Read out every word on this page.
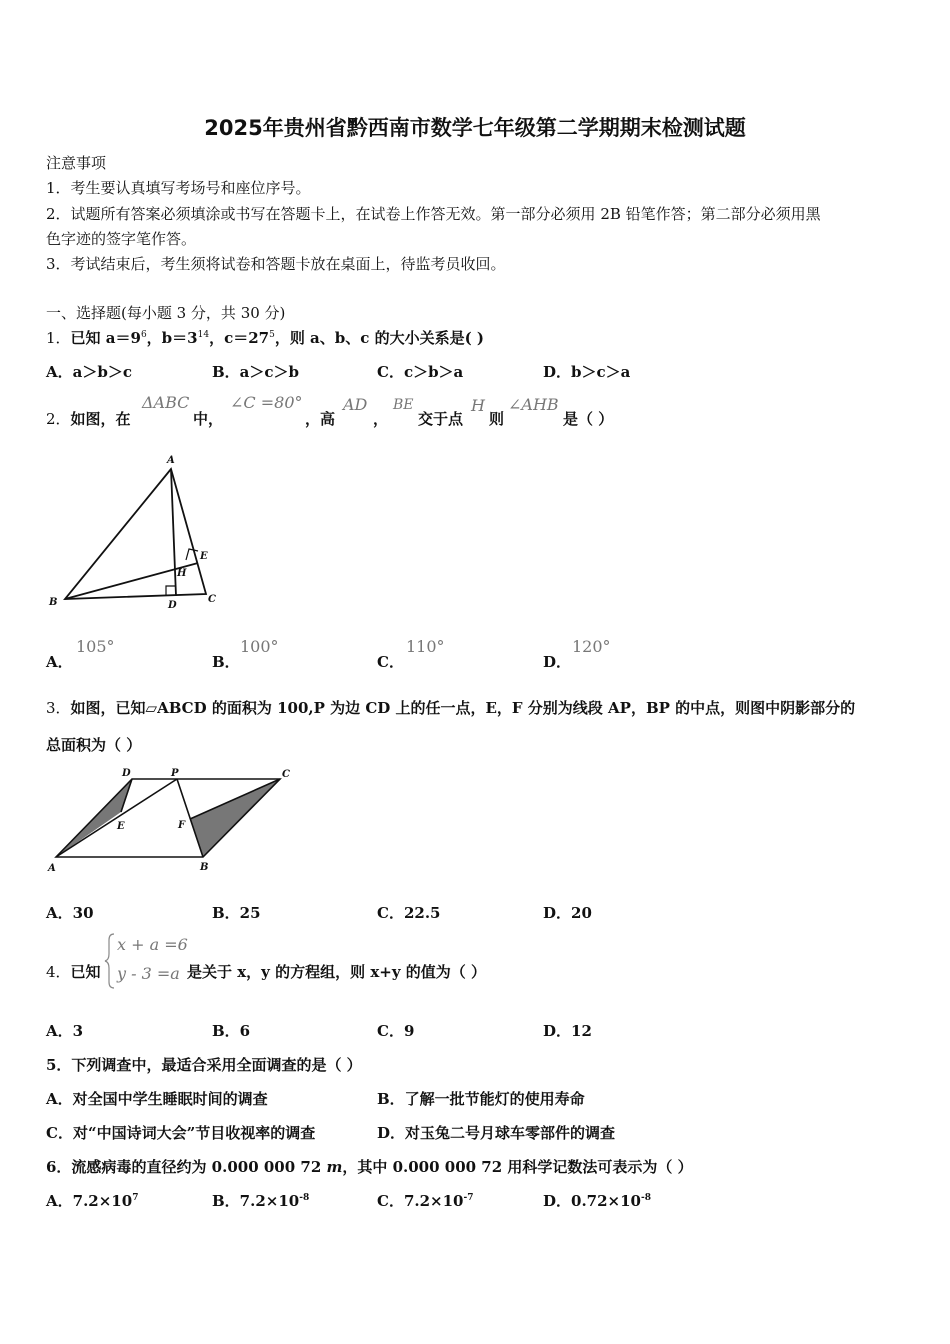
2025年贵州省黔西南市数学七年级第二学期期末检测试题
注意事项
1．考生要认真填写考场号和座位序号。
2．试题所有答案必须填涂或书写在答题卡上，在试卷上作答无效。第一部分必须用 2B 铅笔作答；第二部分必须用黑
色字迹的签字笔作答。
3．考试结束后，考生须将试卷和答题卡放在桌面上，待监考员收回。
一、选择题(每小题 3 分，共 30 分)
1．已知 $a=9^6$，$b=3^{14}$，$c=27^5$，则 a、b、c 的大小关系是( )
A．a＞b＞c	B．a＞c＞b	C．c＞b＞a	D．b＞c＞a
2．如图，在
ΔABC
中，
∠C =80°
，高
AD
，
BE
交于点
H
则
∠AHB
是（ ）
A
E
H
B	D
C
A．
105°
B．
100°
C．
110°
D．
120°
3．如图，已知▱ABCD 的面积为 100,P 为边 CD 上的任一点，E，F 分别为线段 AP，BP 的中点，则图中阴影部分的
总面积为（ ）
D	P	C
E	F
A	B
A．30	B．25	C．22.5	D．20
4．已知
x + a =6
y - 3 =a 是关于 x，y 的方程组，则 x+y 的值为（ ）
A．3	B．6	C．9	D．12
5．下列调查中，最适合采用全面调查的是（ ）
A．对全国中学生睡眠时间的调查	B．了解一批节能灯的使用寿命
C．对“中国诗词大会”节目收视率的调查	D．对玉兔二号月球车零部件的调查
6．流感病毒的直径约为 0.000 000 72 m，其中 0.000 000 72 用科学记数法可表示为（ ）
A．$7.2\times 10^7$	B．$7.2\times 10^{-8}$	C．$7.2\times 10^{-7}$	D．$0.72\times 10^{-8}$
